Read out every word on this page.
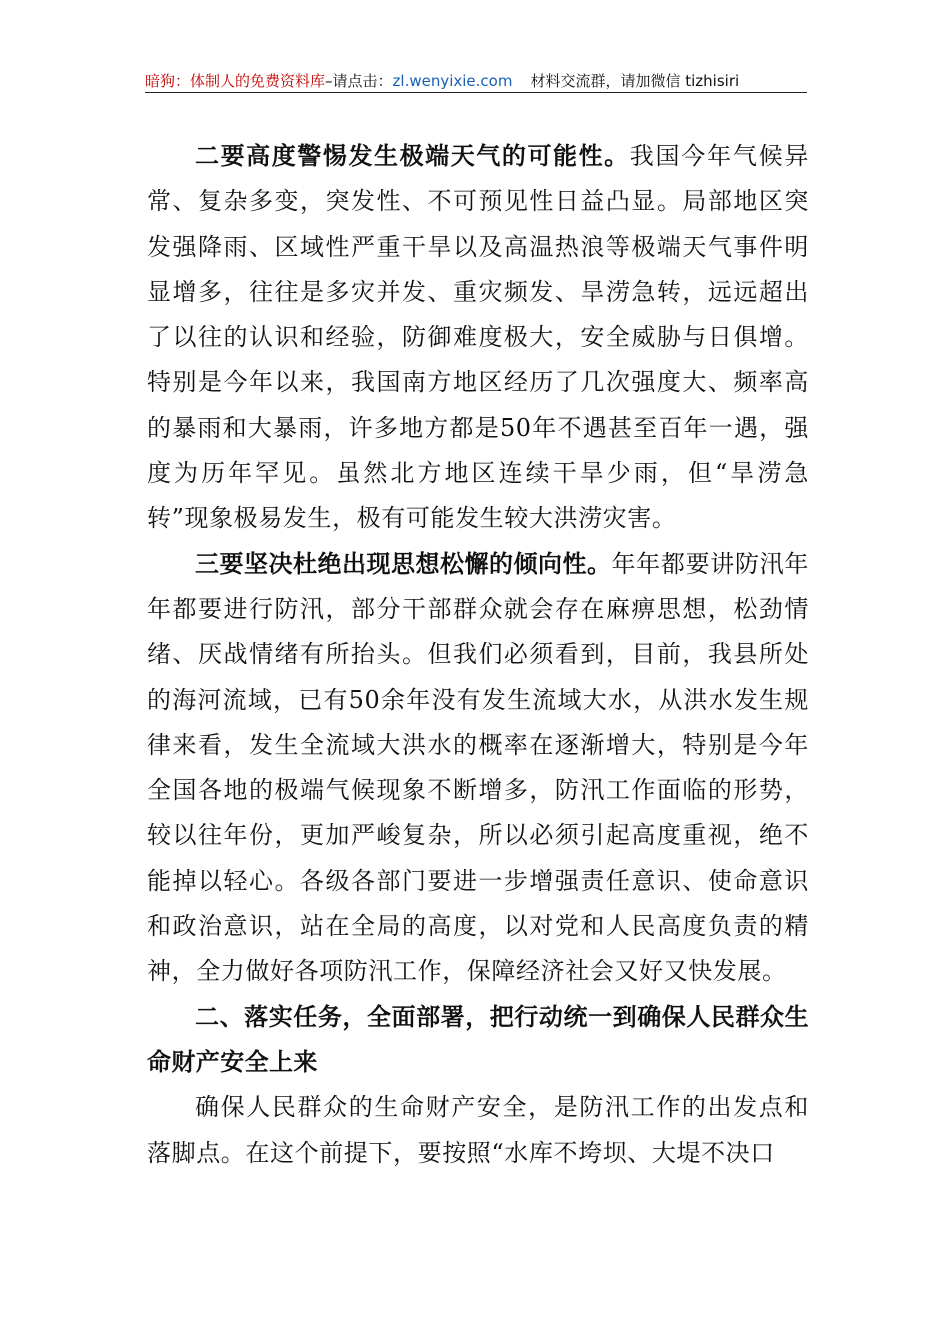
暗狗：体制人的免费资料库 –请点击： zl.wenyixie.com 材料交流群，请加微信 tizhisiri

二要高度警惕发生极端天气的可能性。我国今年气候异常、复杂多变，突发性、不可预见性日益凸显。局部地区突发强降雨、区域性严重干旱以及高温热浪等极端天气事件明显增多，往往是多灾并发、重灾频发、旱涝急转，远远超出了以往的认识和经验，防御难度极大，安全威胁与日俱增。特别是今年以来，我国南方地区经历了几次强度大、频率高的暴雨和大暴雨，许多地方都是50年不遇甚至百年一遇，强度为历年罕见。虽然北方地区连续干旱少雨，但“旱涝急转”现象极易发生，极有可能发生较大洪涝灾害。

三要坚决杜绝出现思想松懈的倾向性。年年都要讲防汛年年都要进行防汛，部分干部群众就会存在麻痹思想，松劲情绪、厌战情绪有所抬头。但我们必须看到，目前，我县所处的海河流域，已有50余年没有发生流域大水，从洪水发生规律来看，发生全流域大洪水的概率在逐渐增大，特别是今年全国各地的极端气候现象不断增多，防汛工作面临的形势，较以往年份，更加严峻复杂，所以必须引起高度重视，绝不能掉以轻心。各级各部门要进一步增强责任意识、使命意识和政治意识，站在全局的高度，以对党和人民高度负责的精神，全力做好各项防汛工作，保障经济社会又好又快发展。

二、落实任务，全面部署，把行动统一到确保人民群众生命财产安全上来

确保人民群众的生命财产安全，是防汛工作的出发点和落脚点。在这个前提下，要按照“水库不垮坝、大堤不决口
